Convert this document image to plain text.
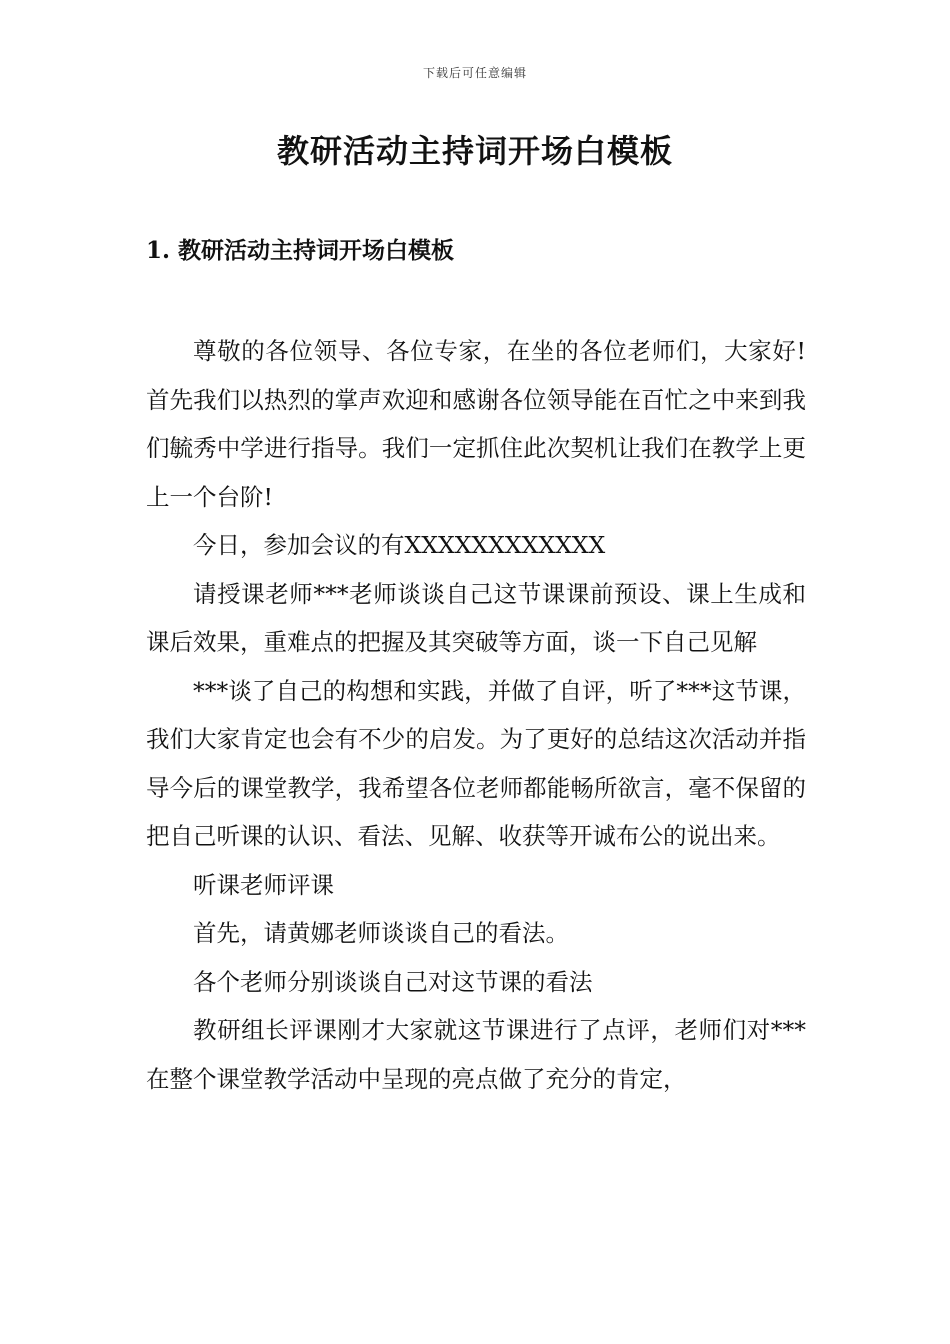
下载后可任意编辑
教研活动主持词开场白模板
1. 教研活动主持词开场白模板

尊敬的各位领导、各位专家，在坐的各位老师们，大家好!首先我们以热烈的掌声欢迎和感谢各位领导能在百忙之中来到我们毓秀中学进行指导。我们一定抓住此次契机让我们在教学上更上一个台阶!

今日，参加会议的有XXXXXXXXXXXX

请授课老师***老师谈谈自己这节课课前预设、课上生成和课后效果，重难点的把握及其突破等方面，谈一下自己见解

***谈了自己的构想和实践，并做了自评，听了***这节课，我们大家肯定也会有不少的启发。为了更好的总结这次活动并指导今后的课堂教学，我希望各位老师都能畅所欲言，毫不保留的把自己听课的认识、看法、见解、收获等开诚布公的说出来。

听课老师评课

首先，请黄娜老师谈谈自己的看法。

各个老师分别谈谈自己对这节课的看法

教研组长评课刚才大家就这节课进行了点评，老师们对***在整个课堂教学活动中呈现的亮点做了充分的肯定，
